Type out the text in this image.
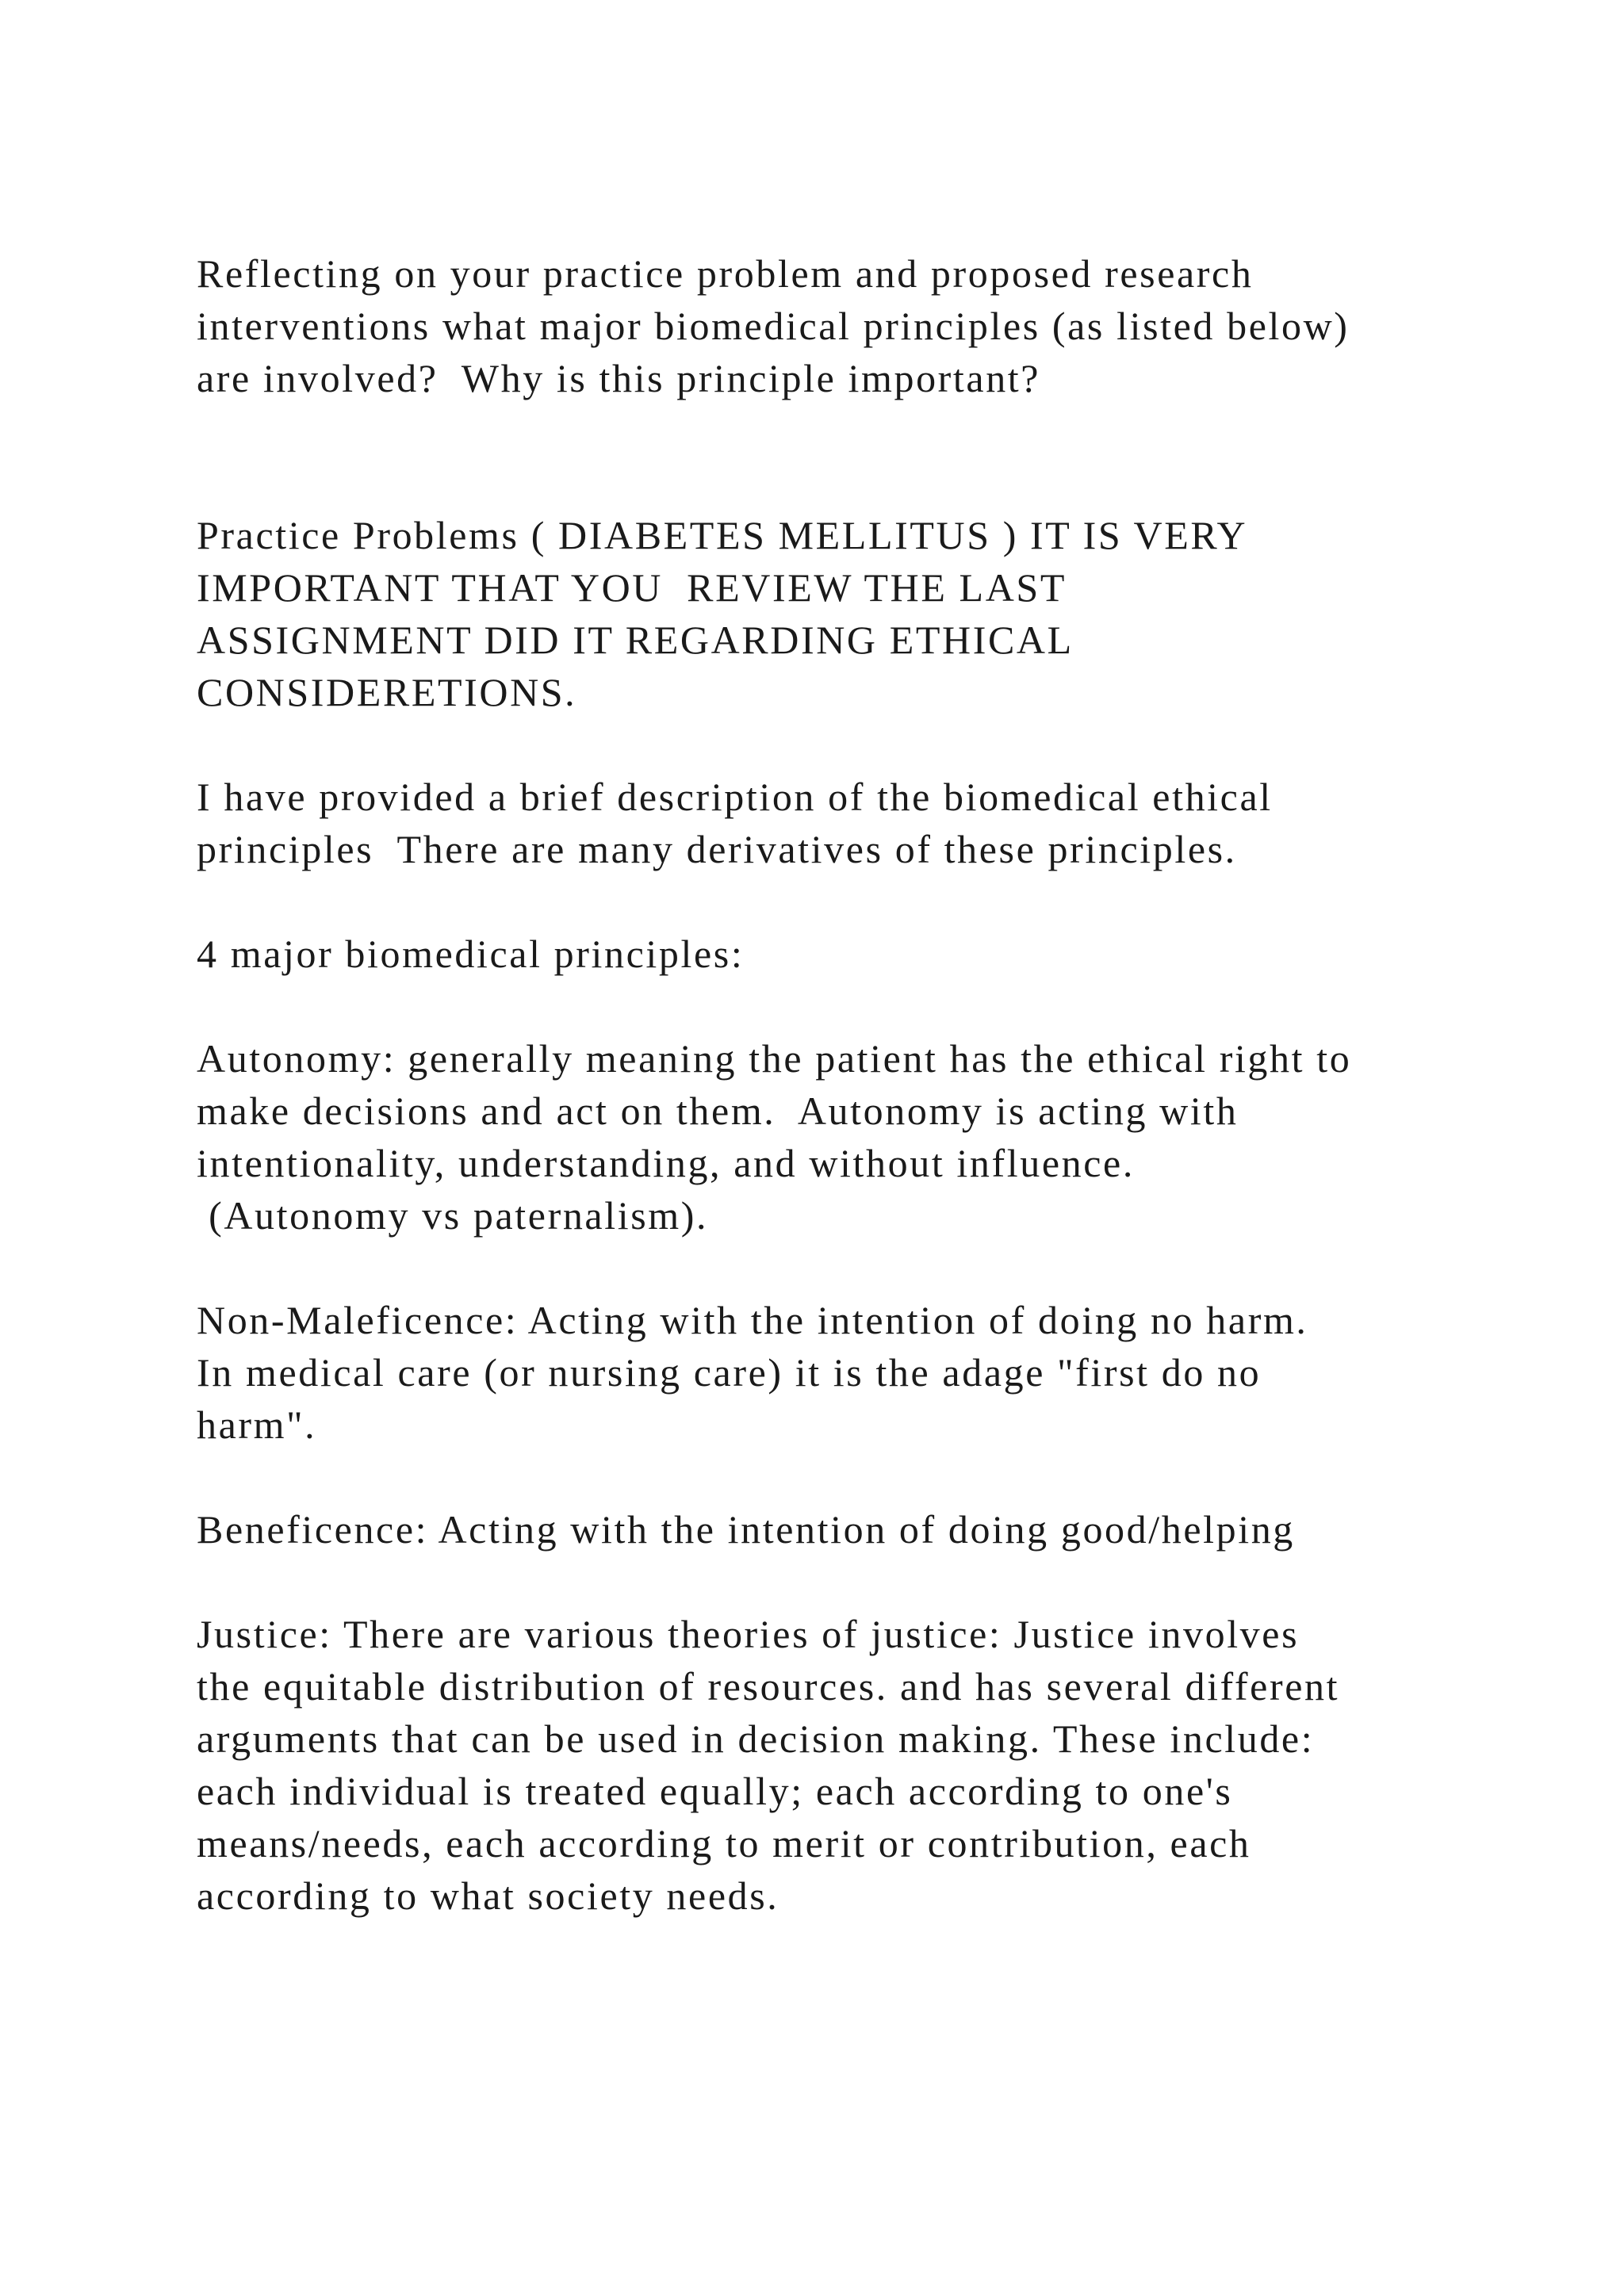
Reflecting on your practice problem and proposed research
interventions what major biomedical principles (as listed below)
are involved?  Why is this principle important?
Practice Problems ( DIABETES MELLITUS ) IT IS VERY
IMPORTANT THAT YOU  REVIEW THE LAST
ASSIGNMENT DID IT REGARDING ETHICAL
CONSIDERETIONS.
I have provided a brief description of the biomedical ethical
principles  There are many derivatives of these principles.
4 major biomedical principles:
Autonomy: generally meaning the patient has the ethical right to
make decisions and act on them.  Autonomy is acting with
intentionality, understanding, and without influence.
(Autonomy vs paternalism).
Non-Maleficence: Acting with the intention of doing no harm.
In medical care (or nursing care) it is the adage "first do no
harm".
Beneficence: Acting with the intention of doing good/helping
Justice: There are various theories of justice: Justice involves
the equitable distribution of resources. and has several different
arguments that can be used in decision making. These include:
each individual is treated equally; each according to one's
means/needs, each according to merit or contribution, each
according to what society needs.
